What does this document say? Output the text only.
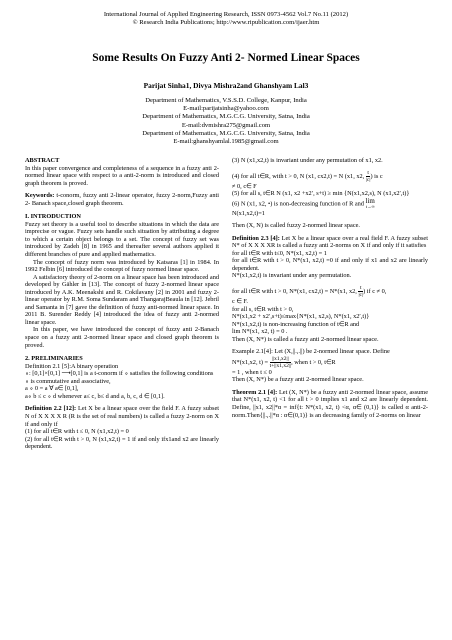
International Journal of Applied Engineering Research, ISSN 0973-4562 Vol.7 No.11 (2012)
© Research India Publications; http://www.ripublication.com/ijaer.htm
Some Results On Fuzzy Anti 2- Normed Linear Spaces
Parijat Sinha1, Divya Mishra2and Ghanshyam Lal3
Department of Mathematics, V.S.S.D. College, Kanpur, India
E-mail:parijatsinha@yahoo.com
Department of Mathematics, M.G.C.G. University, Satna, India
E-mail:dvmishra275@gmail.com
Department of Mathematics, M.G.C.G. University, Satna, India
E-mail:ghanshyamlal.1985@gmail.com

ABSTRACT

In this paper convergence and completeness of a sequence in a fuzzy anti 2- normed linear space with respect to a anti-2-norm is introduced and closed graph theorem is proved.

Keywords: t-conorm, fuzzy anti 2-linear operator, fuzzy 2-norm,Fuzzy anti 2- Banach space,closed graph theorem.

I. INTRODUCTION

Fuzzy set theory is a useful tool to describe situations in which the data are imprecise or vague. Fuzzy sets handle such situation by attributing a degree to which a certain object belongs to a set. The concept of fuzzy set was introduced by Zadeh [8] in 1965 and thereafter several authors applied it different branches of pure and applied mathematics.

The concept of fuzzy norm was introduced by Katsaras [1] in 1984. In 1992 Felbin [6] introduced the concept of fuzzy normed linear space.

A satisfactory theory of 2-norm on a linear space has been introduced and developed by Gähler in [13]. The concept of fuzzy 2-normed linear space introduced by A.K. Meenakshi and R. Cokilavany [2] in 2001 and fuzzy 2-linear operator by R.M. Soma Sundaram and ThangarajBeaula in [12]. Jebril and Samanta in [7] gave the definition of fuzzy anti-normed linear space. In 2011 B. Surender Reddy [4] introduced the idea of fuzzy anti 2-normed linear space.

In this paper, we have introduced the concept of fuzzy anti 2-Banach space on a fuzzy anti 2-normed linear space and closed graph theorem is proved.

2. PRELIMINARIES

Definition 2.1 [5]:A binary operation

∘: [0,1]×[0,1] ⟶[0,1] is a t-conorm if ∘ satisfies the following conditions

∘ is commutative and associative,

a ∘ 0 = a ∀ a∈ [0,1],

a∘ b ≤ c ∘ d whenever a≤ c, b≤ d and a, b, c, d ∈ [0,1].

Definition 2.2 [12]: Let X be a linear space over the field F. A fuzzy subset N of X X X X R (R is the set of real numbers) is called a fuzzy 2-norm on X if and only if

(1) for all t∈R with t ≤ 0, N (x1,x2,t) = 0

(2) for all t∈R with t > 0, N (x1,x2,t) = 1 if and only ifx1and x2 are linearly dependent.

(3) N (x1,x2,t) is invariant under any permutation of x1, x2.

(4) for all t∈R, with t > 0, N (x1, cx2,t) = N (x1, x2, $\frac{t}{|c|}$ ) is c

≠ 0, c∈ F

(5) for all s, t∈R N (x1, x2 +x2′, s+t) ≥ min {N(x1,x2,s), N (x1,x2′,t)}

(6) N (x1, x2, •) is non-decreasing function of R and lim
t→∞

N(x1,x2,t)=1

Then (X, N) is called fuzzy 2-normed linear space.

Definition 2.3 [4]: Let X be a linear space over a real field F. A fuzzy subset N* of X X X XR is called a fuzzy anti 2-norms on X if and only if it satisfies

for all t∈R with t≤0, N*(x1, x2,t) = 1

for all t∈R with t > 0, N*(x1, x2,t) =0 if and only if x1 and x2 are linearly dependent.

N*(x1,x2,t) is invariant under any permutation.

for all t∈R with t > 0, N*(x1, cx2,t) = N*(x1, x2, $\frac{t}{|c|}$ ) if c ≠ 0,

c ∈ F.

for all s, t∈R with t > 0,

N*(x1,x2 + x2′,s+t)≤max{N*(x1, x2,s), N*(x1, x2′,t)}

N*(x1,x2,t) is non-increasing function of t∈R and

lim N*(x1, x2, t) = 0 .

Then (X, N*) is called a fuzzy anti 2-normed linear space.

Example 2.1[4]: Let (X,||.,.||) be 2-normed linear space. Define

N*(x1,x2, $t) = \frac{||x1,x2||}{t+||x1,x2||}$ , when t > 0, t∈R

= 1 , when t ≤ 0

Then (X, N*) be a fuzzy anti 2-normed linear space.

Theorem 2.1 [4]: Let (X, N*) be a fuzzy anti 2-normed linear space, assume that N*(x1, x2, t) <1 for all t > 0 implies x1 and x2 are linearly dependent. Define, ||x1, x2||*α = inf{t: N*(x1, x2, t) <α, α∈ (0,1)} is called α anti-2-norm.Then{||.,.||*α : α∈(0,1)} is an decreasing family of 2-norms on linear
